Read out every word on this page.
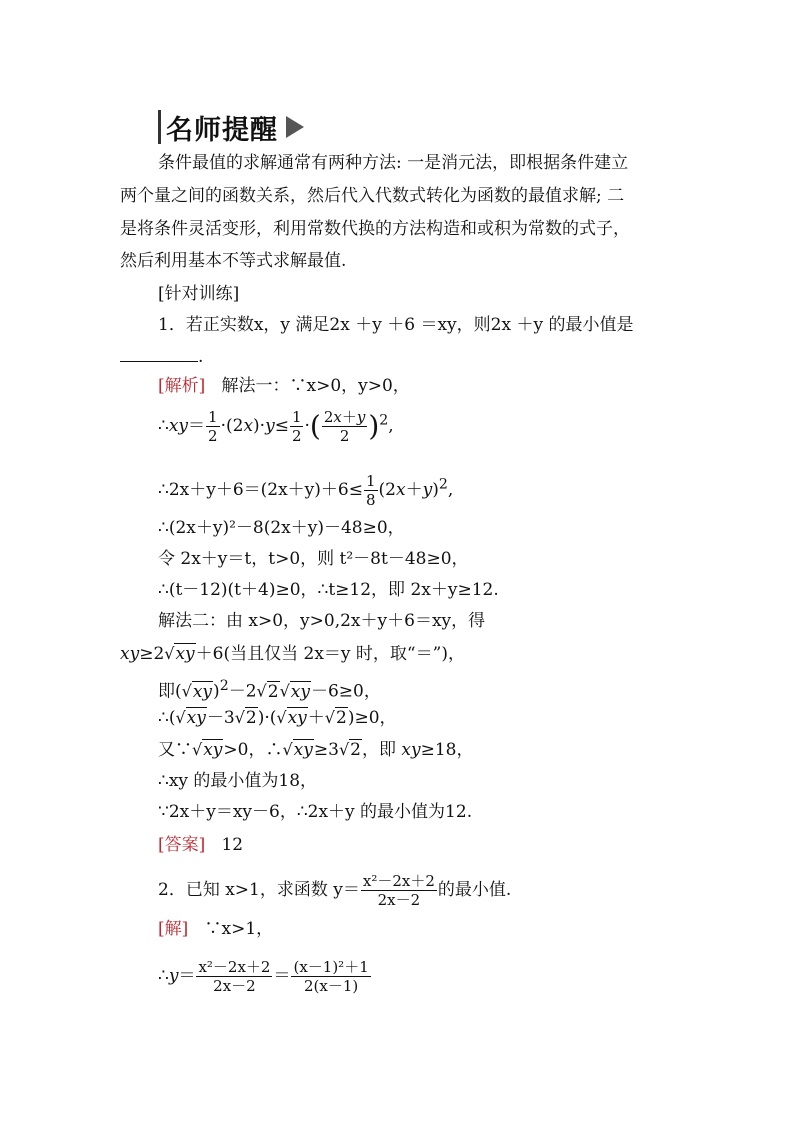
名师提醒
条件最值的求解通常有两种方法: 一是消元法，即根据条件建立
两个量之间的函数关系，然后代入代数式转化为函数的最值求解; 二
是将条件灵活变形，利用常数代换的方法构造和或积为常数的式子，
然后利用基本不等式求解最值.
[针对训练]
1．若正实数x，y 满足2x ＋y ＋6 ＝xy，则2x ＋y 的最小值是
.
[解析] 解法一：∵x>0，y>0，
∴xy＝ $\frac{1}{2} \cdot(2x)\cdot y\le \frac{1}{2}$ ·( $\frac{2x+y}{2} )^2$,
∴2x＋y＋6＝(2x＋y)＋6≤ $\frac{1}{8} (2x+y)^2$,
∴(2x＋y)²－8(2x＋y)－48≥0，
令 2x＋y＝t，t>0，则 t²－8t－48≥0，
∴(t－12)(t＋4)≥0，∴t≥12，即 2x＋y≥12.
解法二：由 x>0，y>0,2x＋y＋6＝xy，得
xy≥2√xy＋6(当且仅当 2x＝y 时，取“＝”)，
即$(√xy)^2-2√2√xy-6\ge 0$，
∴(√xy－3√2)·(√xy＋√2)≥0，
又∵√xy>0，∴√xy≥3√2，即 xy≥18，
∴xy 的最小值为18，
∵2x＋y＝xy－6，∴2x＋y 的最小值为12.
[答案] 12
2．已知 x>1，求函数 $y= \frac{\text{x²－2x＋2}}{2x-2}$ 的最小值.
[解] ∵x>1，
∴y＝ $\frac{\text{x²－2x＋2}}{2x-2} = \frac{\text{(x－1)²＋1}}{2(x-1)}$
